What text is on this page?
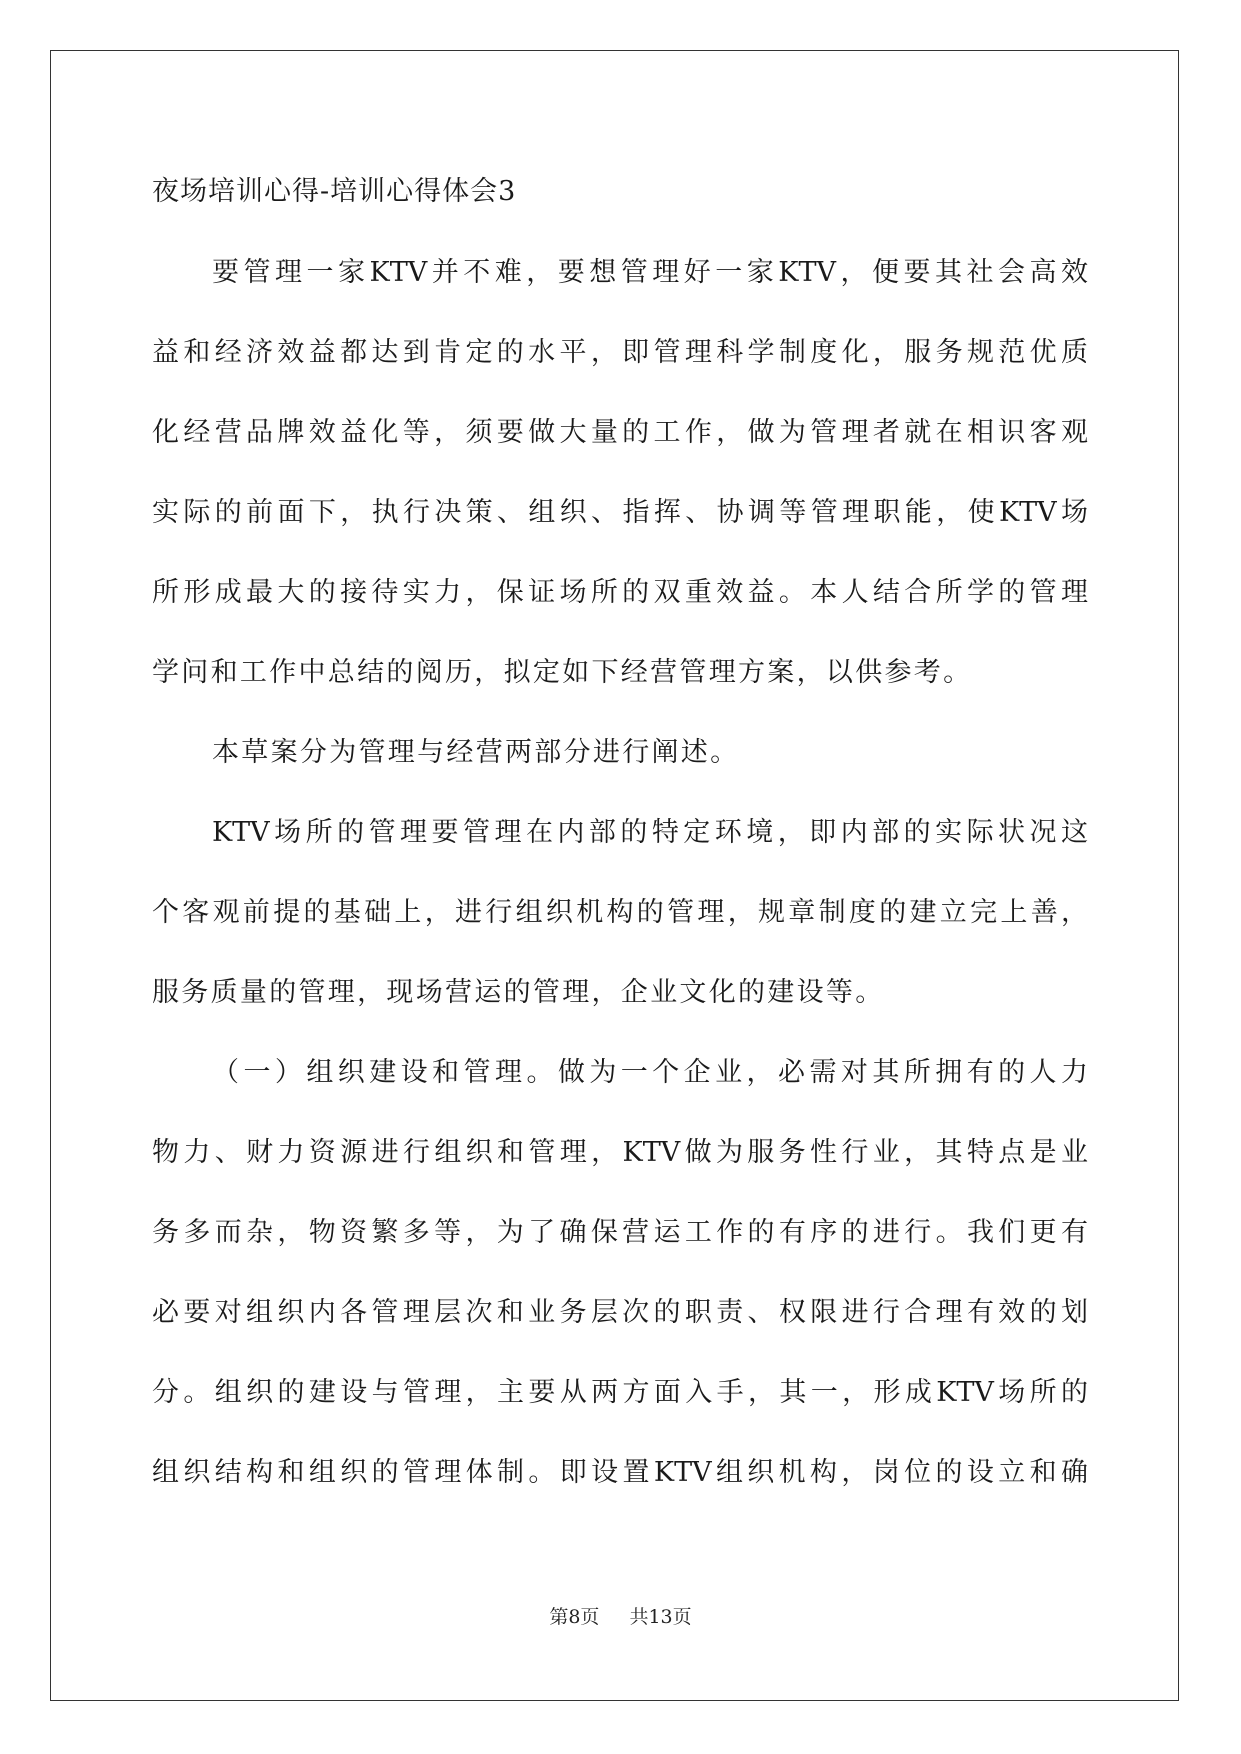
夜场培训心得-培训心得体会3
要管理一家KTV并不难，要想管理好一家KTV，便要其社会高效
益和经济效益都达到肯定的水平，即管理科学制度化，服务规范优质
化经营品牌效益化等，须要做大量的工作，做为管理者就在相识客观
实际的前面下，执行决策、组织、指挥、协调等管理职能，使KTV场
所形成最大的接待实力，保证场所的双重效益。本人结合所学的管理
学问和工作中总结的阅历，拟定如下经营管理方案，以供参考。
本草案分为管理与经营两部分进行阐述。
KTV场所的管理要管理在内部的特定环境，即内部的实际状况这
个客观前提的基础上，进行组织机构的管理，规章制度的建立完上善，
服务质量的管理，现场营运的管理，企业文化的建设等。
（一）组织建设和管理。做为一个企业，必需对其所拥有的人力
物力、财力资源进行组织和管理，KTV做为服务性行业，其特点是业
务多而杂，物资繁多等，为了确保营运工作的有序的进行。我们更有
必要对组织内各管理层次和业务层次的职责、权限进行合理有效的划
分。组织的建设与管理，主要从两方面入手，其一，形成KTV场所的
组织结构和组织的管理体制。即设置KTV组织机构，岗位的设立和确
第8页 共13页
